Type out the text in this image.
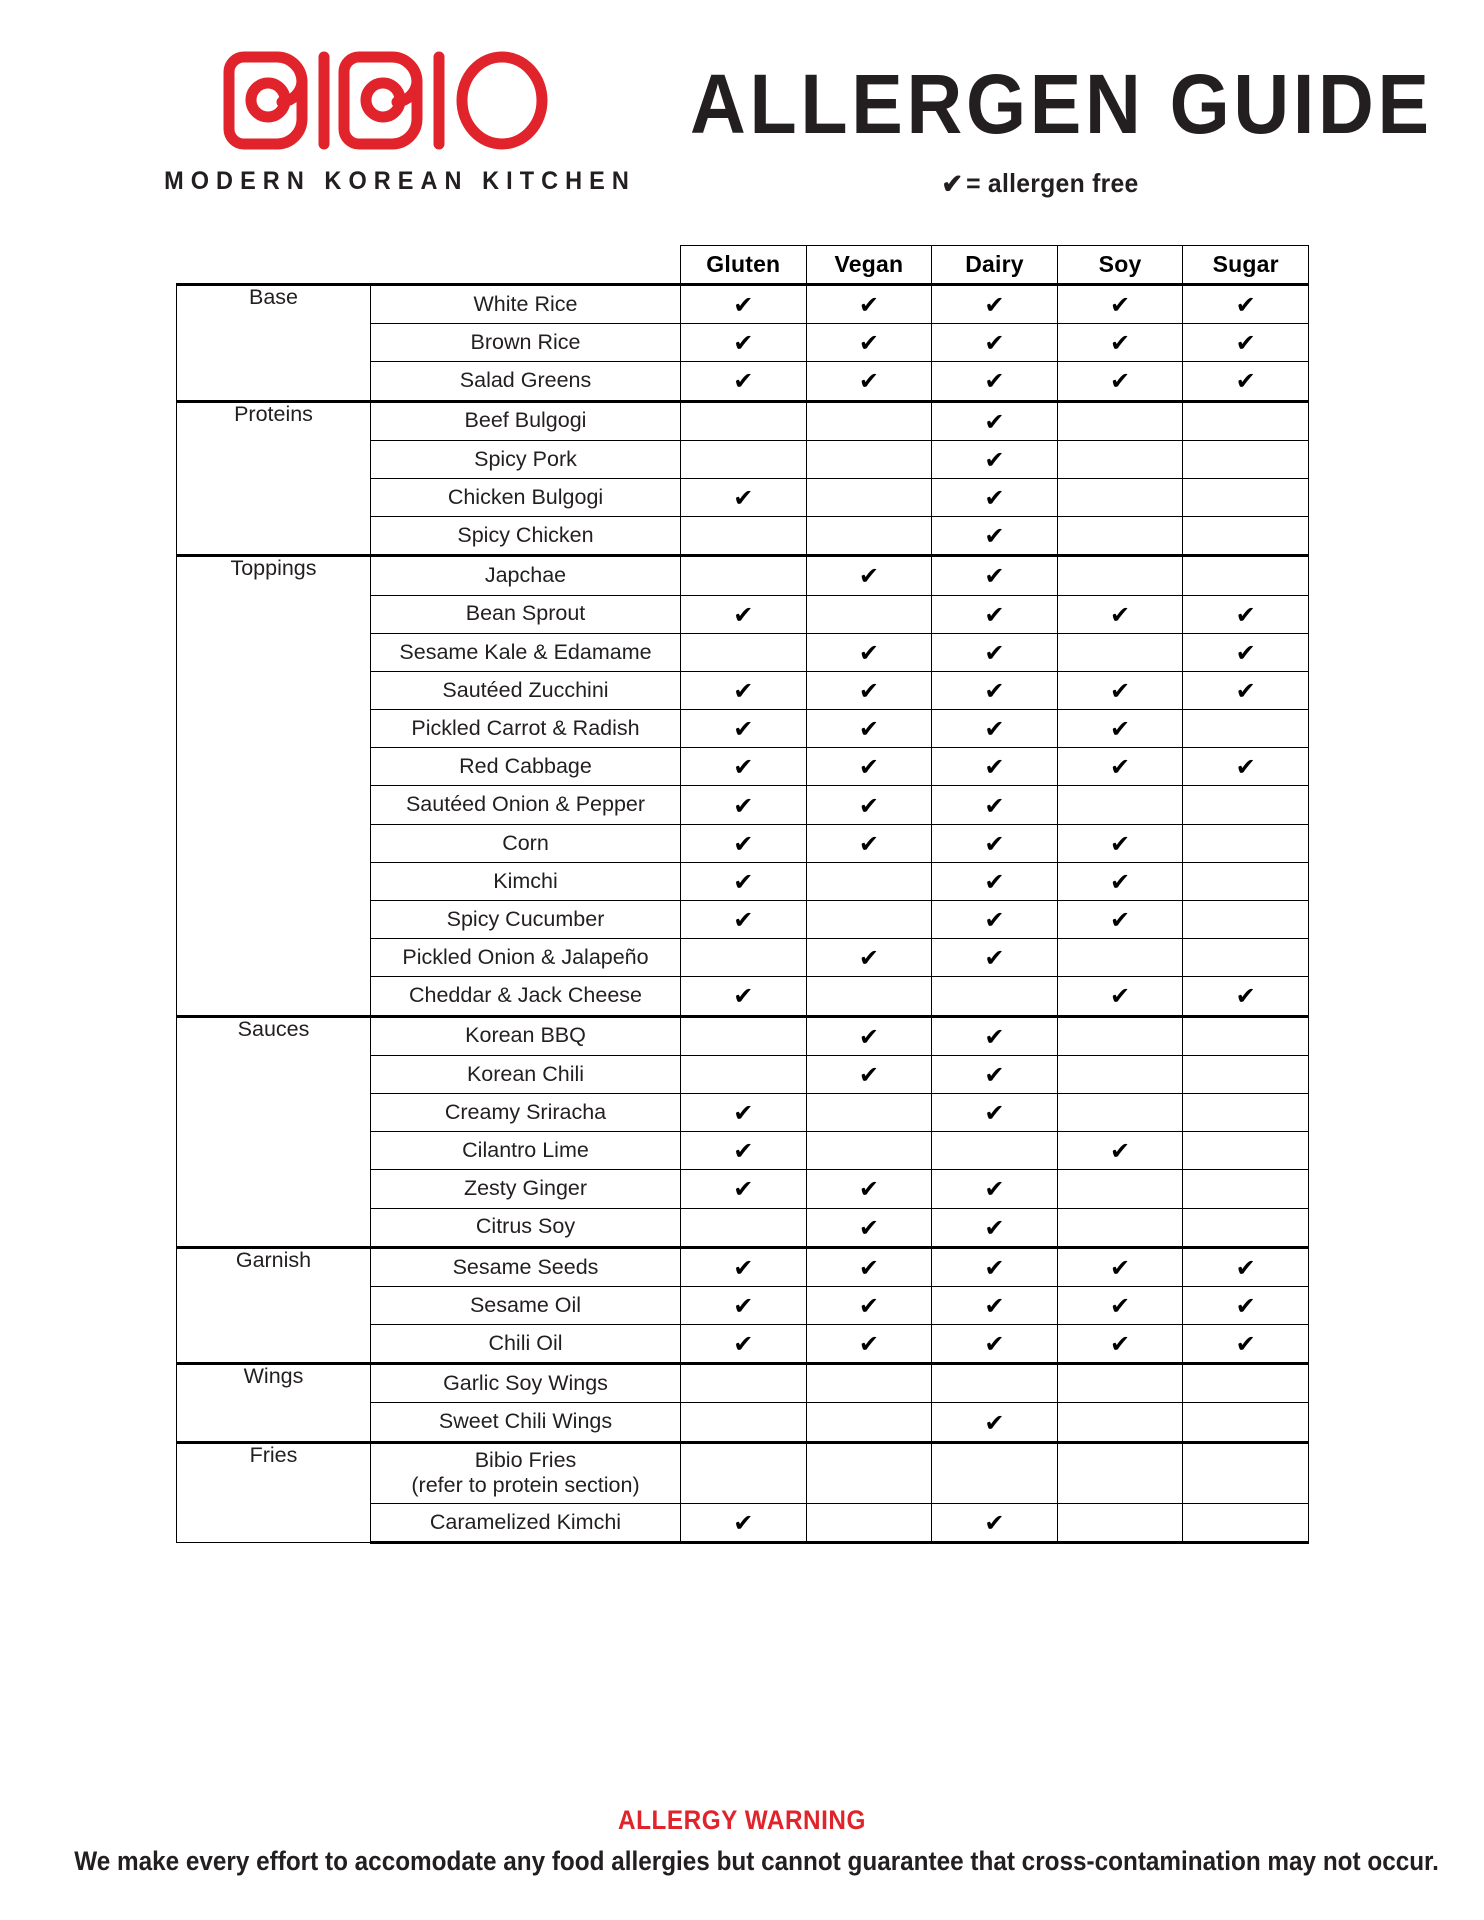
MODERN KOREAN KITCHEN
ALLERGEN GUIDE
✔ = allergen free
		Gluten	Vegan	Dairy	Soy	Sugar
Base	White Rice	✔	✔	✔	✔	✔
	Brown Rice	✔	✔	✔	✔	✔
	Salad Greens	✔	✔	✔	✔	✔
Proteins	Beef Bulgogi			✔		
	Spicy Pork			✔		
	Chicken Bulgogi	✔		✔		
	Spicy Chicken			✔		
Toppings	Japchae		✔	✔		
	Bean Sprout	✔		✔	✔	✔
	Sesame Kale & Edamame		✔	✔		✔
	Sautéed Zucchini	✔	✔	✔	✔	✔
	Pickled Carrot & Radish	✔	✔	✔	✔	
	Red Cabbage	✔	✔	✔	✔	✔
	Sautéed Onion & Pepper	✔	✔	✔		
	Corn	✔	✔	✔	✔	
	Kimchi	✔		✔	✔	
	Spicy Cucumber	✔		✔	✔	
	Pickled Onion & Jalapeño		✔	✔		
	Cheddar & Jack Cheese	✔			✔	✔
Sauces	Korean BBQ		✔	✔		
	Korean Chili		✔	✔		
	Creamy Sriracha	✔		✔		
	Cilantro Lime	✔			✔	
	Zesty Ginger	✔	✔	✔		
	Citrus Soy		✔	✔		
Garnish	Sesame Seeds	✔	✔	✔	✔	✔
	Sesame Oil	✔	✔	✔	✔	✔
	Chili Oil	✔	✔	✔	✔	✔
Wings	Garlic Soy Wings					
	Sweet Chili Wings			✔		
Fries	Bibio Fries
(refer to protein section)					
	Caramelized Kimchi	✔		✔		
ALLERGY WARNING
We make every effort to accomodate any food allergies but cannot guarantee that cross-contamination may not occur.
